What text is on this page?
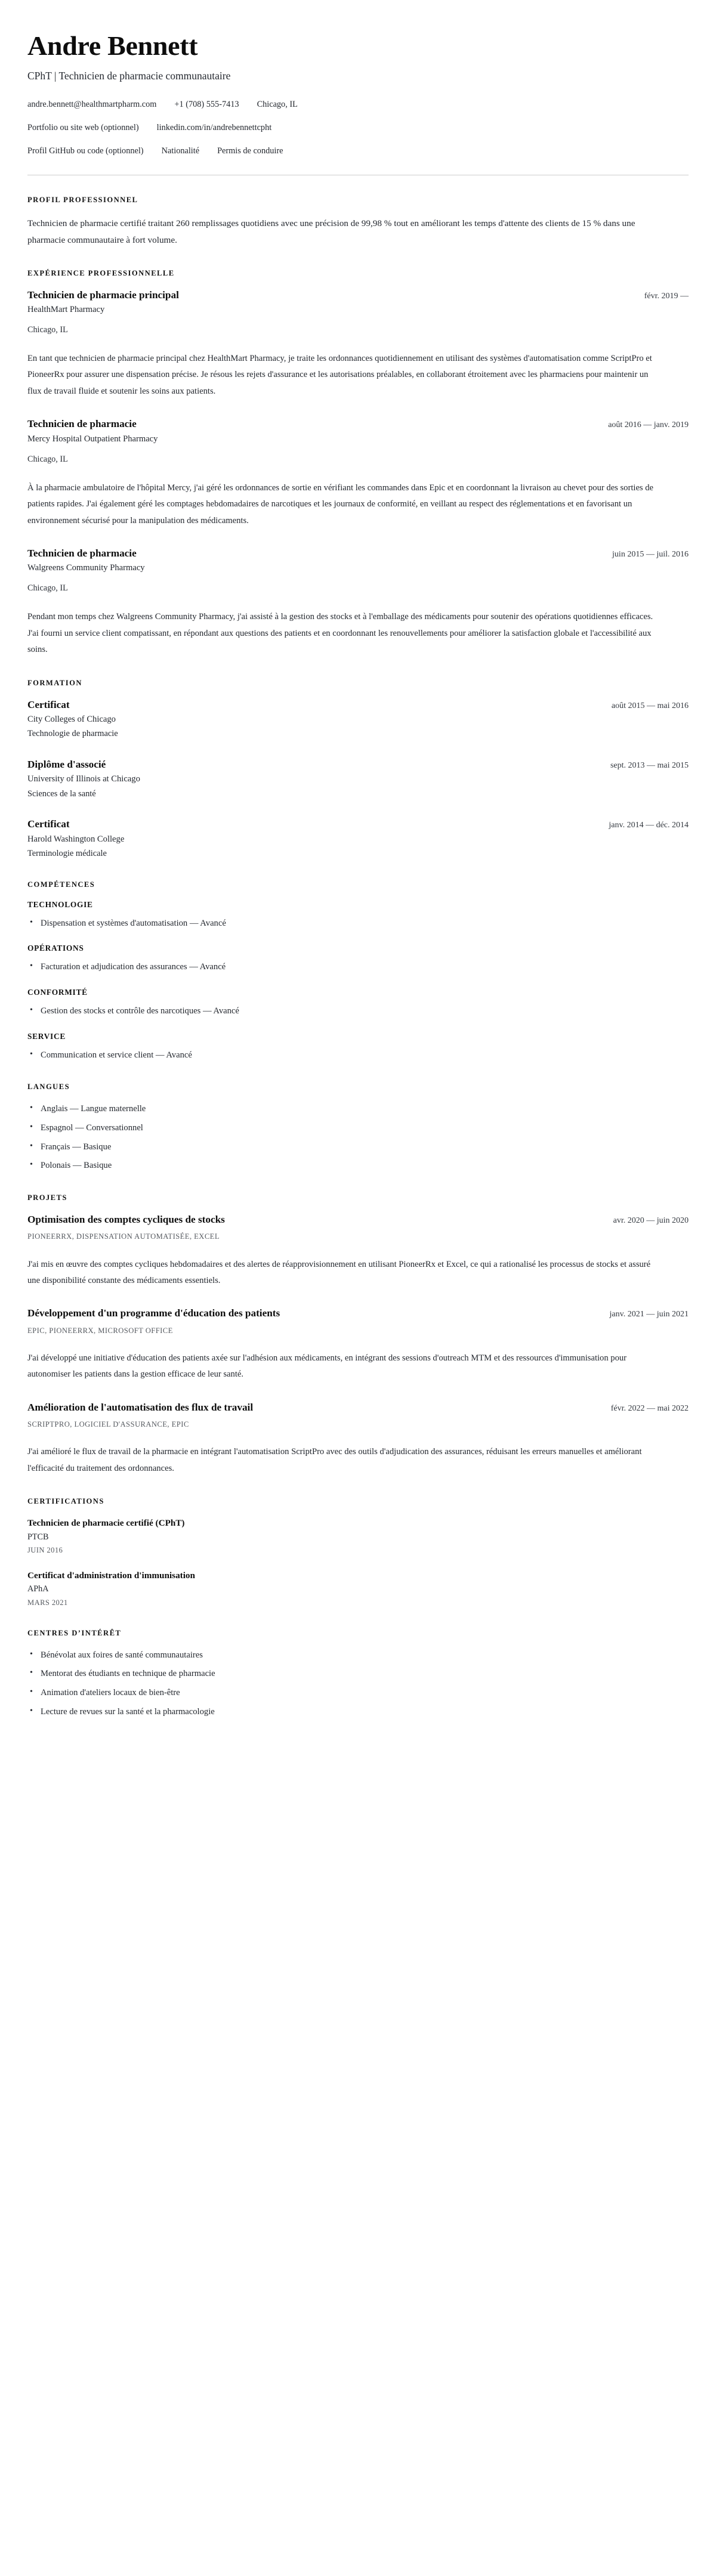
Andre Bennett
CPhT | Technicien de pharmacie communautaire
andre.bennett@healthmartpharm.com +1 (708) 555-7413 Chicago, IL
Portfolio ou site web (optionnel) linkedin.com/in/andrebennettcpht
Profil GitHub ou code (optionnel) Nationalité Permis de conduire
PROFIL PROFESSIONNEL

Technicien de pharmacie certifié traitant 260 remplissages quotidiens avec une précision de 99,98 % tout en améliorant les temps d'attente des clients de 15 % dans une pharmacie communautaire à fort volume.

EXPÉRIENCE PROFESSIONNELLE
Technicien de pharmacie principal	févr. 2019 —

HealthMart Pharmacy

Chicago, IL

En tant que technicien de pharmacie principal chez HealthMart Pharmacy, je traite les ordonnances quotidiennement en utilisant des systèmes d'automatisation comme ScriptPro et PioneerRx pour assurer une dispensation précise. Je résous les rejets d'assurance et les autorisations préalables, en collaborant étroitement avec les pharmaciens pour maintenir un flux de travail fluide et soutenir les soins aux patients.

Technicien de pharmacie	août 2016 — janv. 2019

Mercy Hospital Outpatient Pharmacy

Chicago, IL

À la pharmacie ambulatoire de l'hôpital Mercy, j'ai géré les ordonnances de sortie en vérifiant les commandes dans Epic et en coordonnant la livraison au chevet pour des sorties de patients rapides. J'ai également géré les comptages hebdomadaires de narcotiques et les journaux de conformité, en veillant au respect des réglementations et en favorisant un environnement sécurisé pour la manipulation des médicaments.

Technicien de pharmacie	juin 2015 — juil. 2016

Walgreens Community Pharmacy

Chicago, IL

Pendant mon temps chez Walgreens Community Pharmacy, j'ai assisté à la gestion des stocks et à l'emballage des médicaments pour soutenir des opérations quotidiennes efficaces. J'ai fourni un service client compatissant, en répondant aux questions des patients et en coordonnant les renouvellements pour améliorer la satisfaction globale et l'accessibilité aux soins.

FORMATION
Certificat	août 2015 — mai 2016

City Colleges of Chicago

Technologie de pharmacie

Diplôme d'associé	sept. 2013 — mai 2015

University of Illinois at Chicago

Sciences de la santé

Certificat	janv. 2014 — déc. 2014

Harold Washington College

Terminologie médicale

COMPÉTENCES
TECHNOLOGIE
• Dispensation et systèmes d'automatisation — Avancé
OPÉRATIONS
• Facturation et adjudication des assurances — Avancé
CONFORMITÉ
• Gestion des stocks et contrôle des narcotiques — Avancé
SERVICE
• Communication et service client — Avancé
LANGUES
• Anglais — Langue maternelle
• Espagnol — Conversationnel
• Français — Basique
• Polonais — Basique
PROJETS
Optimisation des comptes cycliques de stocks	avr. 2020 — juin 2020

PIONEERRX, DISPENSATION AUTOMATISÉE, EXCEL

J'ai mis en œuvre des comptes cycliques hebdomadaires et des alertes de réapprovisionnement en utilisant PioneerRx et Excel, ce qui a rationalisé les processus de stocks et assuré une disponibilité constante des médicaments essentiels.

Développement d'un programme d'éducation des patients	janv. 2021 — juin 2021

EPIC, PIONEERRX, MICROSOFT OFFICE

J'ai développé une initiative d'éducation des patients axée sur l'adhésion aux médicaments, en intégrant des sessions d'outreach MTM et des ressources d'immunisation pour autonomiser les patients dans la gestion efficace de leur santé.

Amélioration de l'automatisation des flux de travail	févr. 2022 — mai 2022

SCRIPTPRO, LOGICIEL D'ASSURANCE, EPIC

J'ai amélioré le flux de travail de la pharmacie en intégrant l'automatisation ScriptPro avec des outils d'adjudication des assurances, réduisant les erreurs manuelles et améliorant l'efficacité du traitement des ordonnances.

CERTIFICATIONS

Technicien de pharmacie certifié (CPhT)

PTCB

JUIN 2016

Certificat d'administration d'immunisation

APhA

MARS 2021

CENTRES D’INTÉRÊT
• Bénévolat aux foires de santé communautaires
• Mentorat des étudiants en technique de pharmacie
• Animation d'ateliers locaux de bien-être
• Lecture de revues sur la santé et la pharmacologie
